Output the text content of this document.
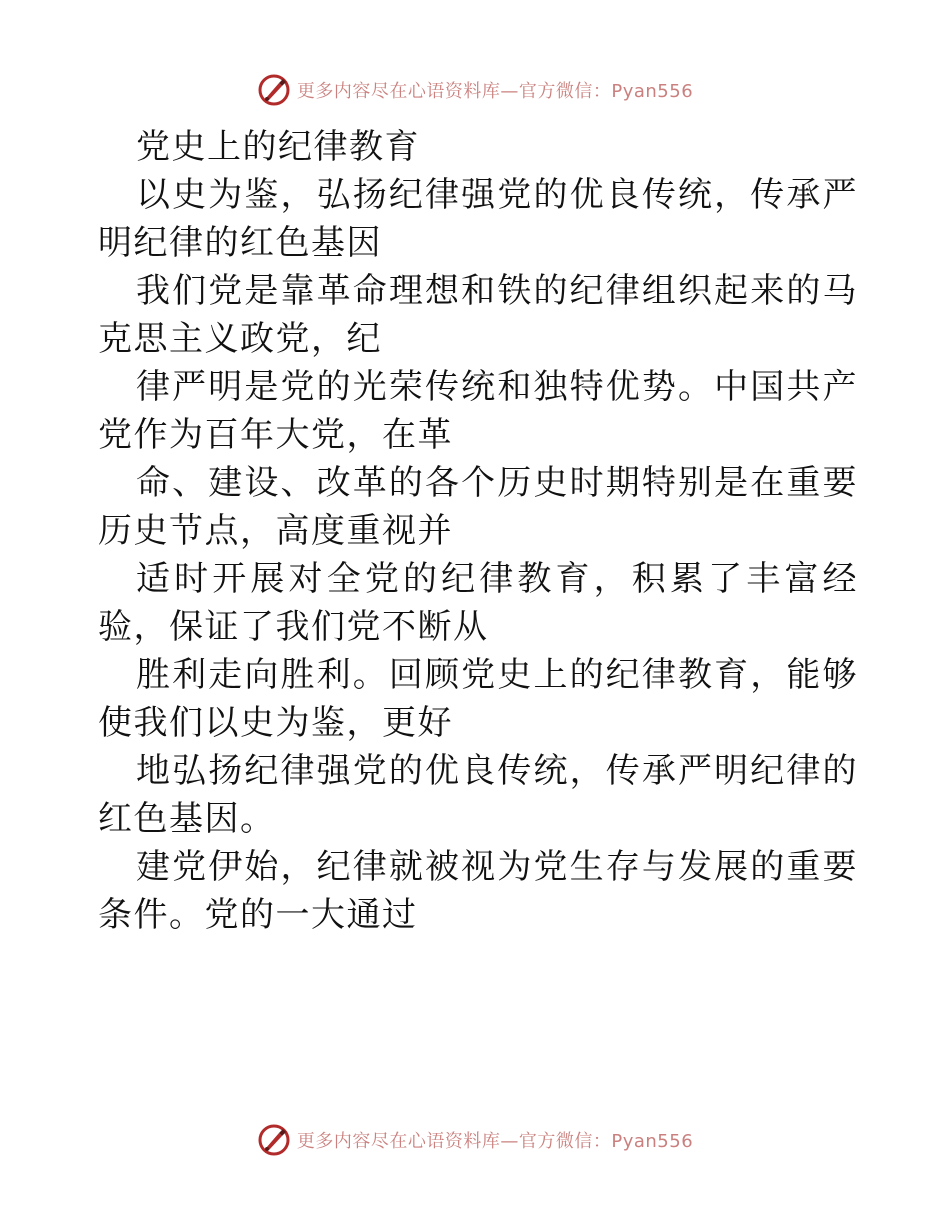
更多内容尽在心语资料库—官方微信：Pyan556

党史上的纪律教育

以史为鉴，弘扬纪律强党的优良传统，传承严明纪律的红色基因

我们党是靠革命理想和铁的纪律组织起来的马克思主义政党，纪

律严明是党的光荣传统和独特优势。中国共产党作为百年大党，在革

命、建设、改革的各个历史时期特别是在重要历史节点，高度重视并

适时开展对全党的纪律教育，积累了丰富经验，保证了我们党不断从

胜利走向胜利。回顾党史上的纪律教育，能够使我们以史为鉴，更好

地弘扬纪律强党的优良传统，传承严明纪律的红色基因。

建党伊始，纪律就被视为党生存与发展的重要条件。党的一大通过

更多内容尽在心语资料库—官方微信：Pyan556
